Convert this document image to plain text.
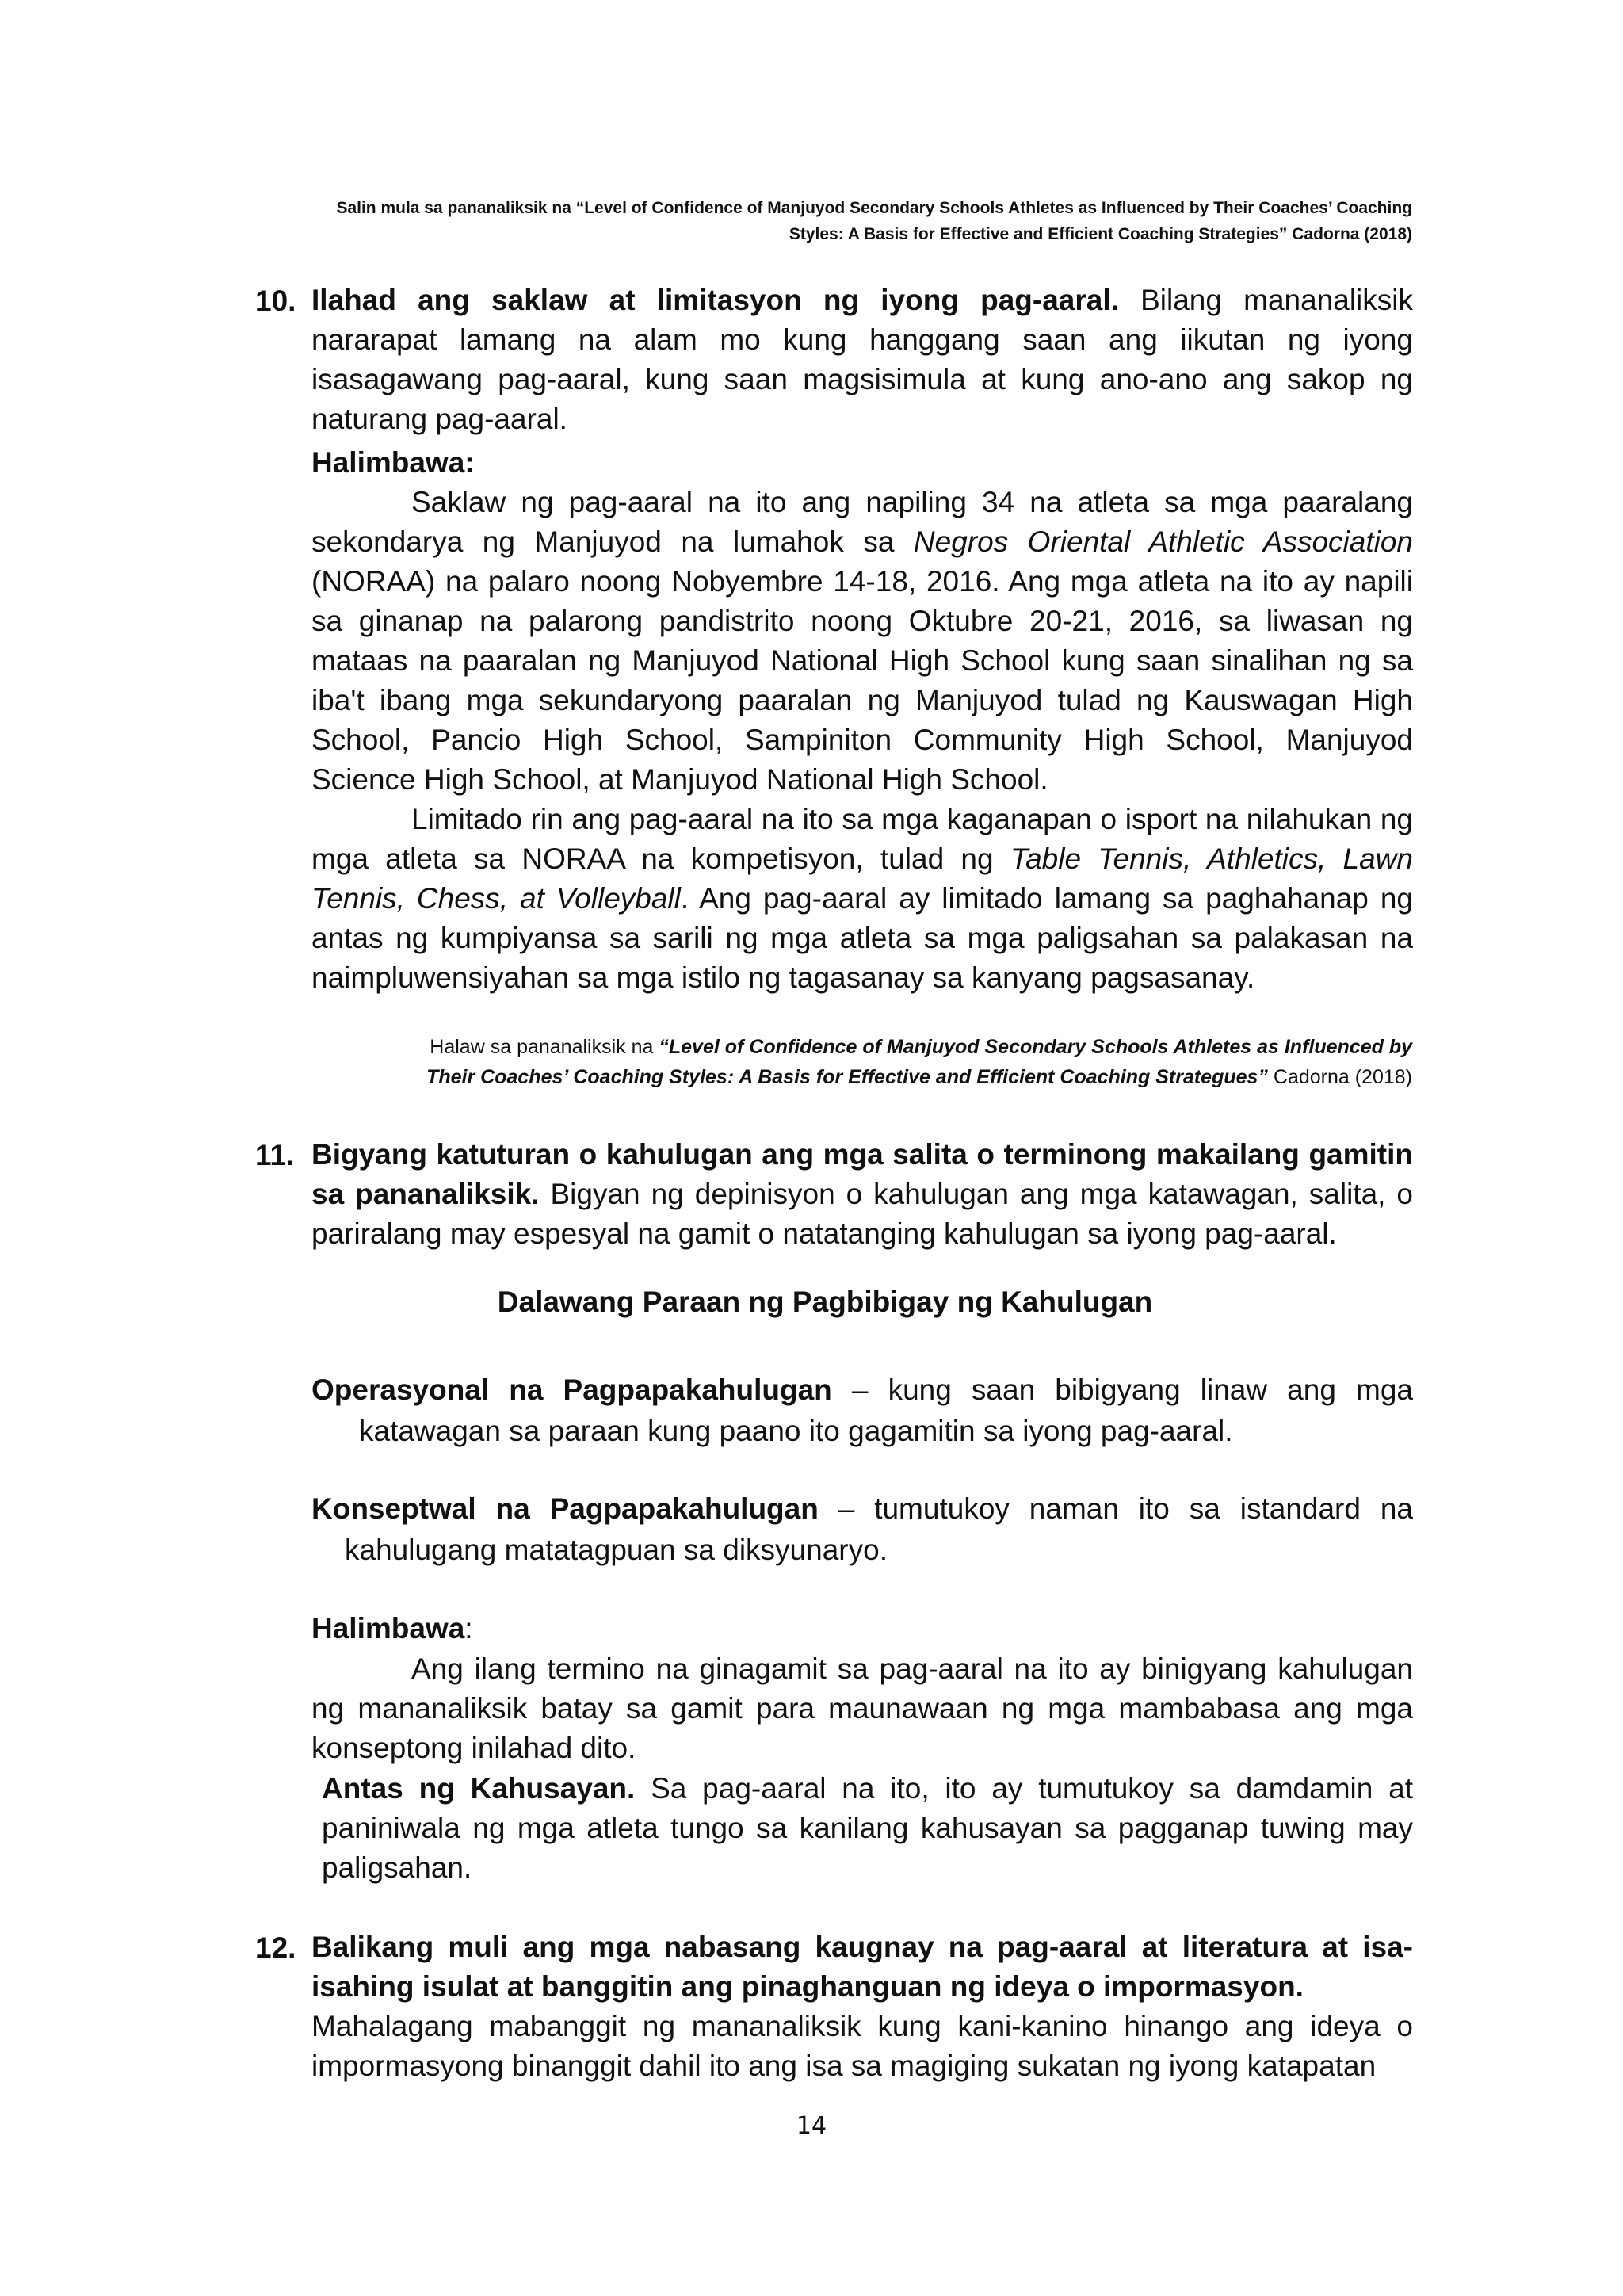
Salin mula sa pananaliksik na “Level of Confidence of Manjuyod Secondary Schools Athletes as Influenced by Their Coaches’ Coaching
Styles: A Basis for Effective and Efficient Coaching Strategies” Cadorna (2018)
10. Ilahad ang saklaw at limitasyon ng iyong pag-aaral. Bilang mananaliksik nararapat lamang na alam mo kung hanggang saan ang iikutan ng iyong isasagawang pag-aaral, kung saan magsisimula at kung ano-ano ang sakop ng naturang pag-aaral.
Halimbawa:
Saklaw ng pag-aaral na ito ang napiling 34 na atleta sa mga paaralang sekondarya ng Manjuyod na lumahok sa Negros Oriental Athletic Association (NORAA) na palaro noong Nobyembre 14-18, 2016. Ang mga atleta na ito ay napili sa ginanap na palarong pandistrito noong Oktubre 20-21, 2016, sa liwasan ng mataas na paaralan ng Manjuyod National High School kung saan sinalihan ng sa iba't ibang mga sekundaryong paaralan ng Manjuyod tulad ng Kauswagan High School, Pancio High School, Sampiniton Community High School, Manjuyod Science High School, at Manjuyod National High School.
Limitado rin ang pag-aaral na ito sa mga kaganapan o isport na nilahukan ng mga atleta sa NORAA na kompetisyon, tulad ng Table Tennis, Athletics, Lawn Tennis, Chess, at Volleyball. Ang pag-aaral ay limitado lamang sa paghahanap ng antas ng kumpiyansa sa sarili ng mga atleta sa mga paligsahan sa palakasan na naimpluwensiyahan sa mga istilo ng tagasanay sa kanyang pagsasanay.
Halaw sa pananaliksik na “Level of Confidence of Manjuyod Secondary Schools Athletes as Influenced by
Their Coaches’ Coaching Styles: A Basis for Effective and Efficient Coaching Strategues” Cadorna (2018)
11. Bigyang katuturan o kahulugan ang mga salita o terminong makailang gamitin sa pananaliksik. Bigyan ng depinisyon o kahulugan ang mga katawagan, salita, o pariralang may espesyal na gamit o natatanging kahulugan sa iyong pag-aaral.
Dalawang Paraan ng Pagbibigay ng Kahulugan
Operasyonal na Pagpapakahulugan – kung saan bibigyang linaw ang mga
katawagan sa paraan kung paano ito gagamitin sa iyong pag-aaral.
Konseptwal na Pagpapakahulugan – tumutukoy naman ito sa istandard na
kahulugang matatagpuan sa diksyunaryo.
Halimbawa:
Ang ilang termino na ginagamit sa pag-aaral na ito ay binigyang kahulugan ng mananaliksik batay sa gamit para maunawaan ng mga mambabasa ang mga konseptong inilahad dito.
Antas ng Kahusayan. Sa pag-aaral na ito, ito ay tumutukoy sa damdamin at paniniwala ng mga atleta tungo sa kanilang kahusayan sa pagganap tuwing may paligsahan.
12. Balikang muli ang mga nabasang kaugnay na pag-aaral at literatura at isa-isahing isulat at banggitin ang pinaghanguan ng ideya o impormasyon.
Mahalagang mabanggit ng mananaliksik kung kani-kanino hinango ang ideya o impormasyong binanggit dahil ito ang isa sa magiging sukatan ng iyong katapatan
14
